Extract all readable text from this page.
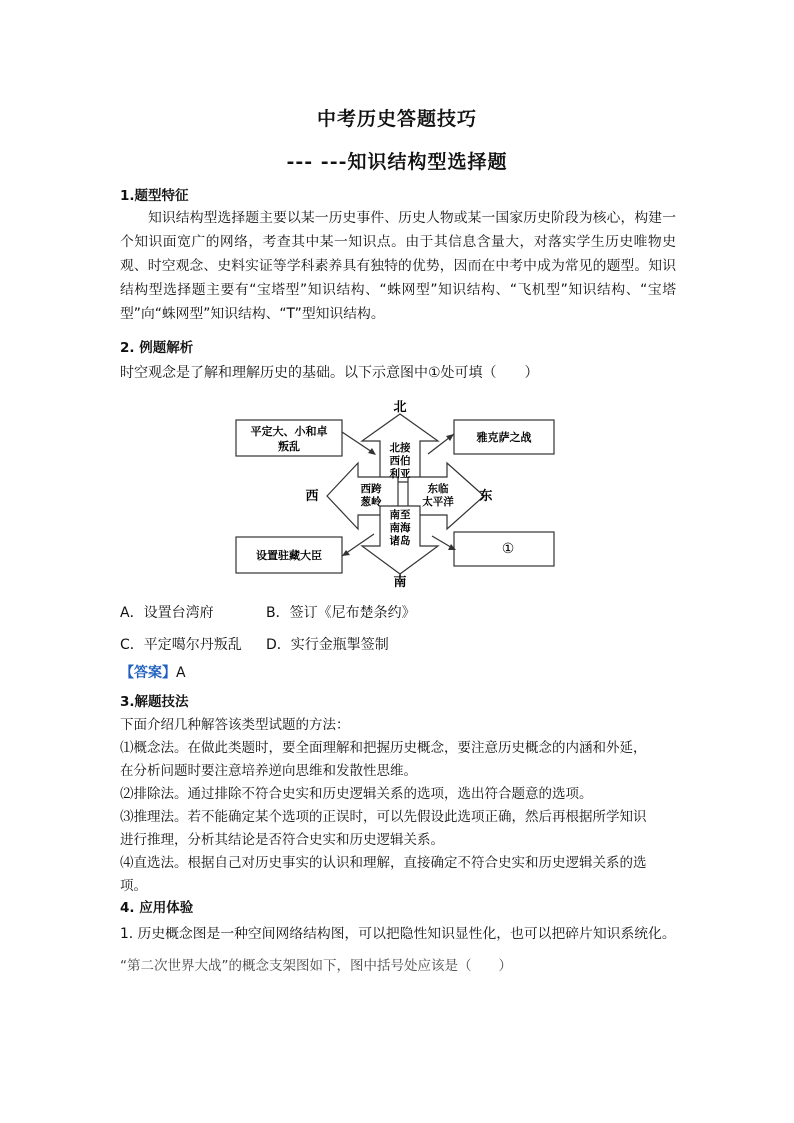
中考历史答题技巧
--- ---知识结构型选择题
1.题型特征
知识结构型选择题主要以某一历史事件、历史人物或某一国家历史阶段为核心，构建一个知识面宽广的网络，考查其中某一知识点。由于其信息含量大，对落实学生历史唯物史观、时空观念、史料实证等学科素养具有独特的优势，因而在中考中成为常见的题型。知识结构型选择题主要有“宝塔型”知识结构、“蛛网型”知识结构、“飞机型”知识结构、“宝塔型”向“蛛网型”知识结构、“T”型知识结构。
2. 例题解析
时空观念是了解和理解历史的基础。以下示意图中①处可填（　　）
北
南
西	东
平定大、小和卓
叛乱
雅克萨之战
设置驻藏大臣	①
北接
西伯
利亚
西跨
葱岭
东临
太平洋
南至
南海
诸岛
A．设置台湾府	B．签订《尼布楚条约》
C．平定噶尔丹叛乱 D．实行金瓶掣签制
【答案】A
3.解题技法
下面介绍几种解答该类型试题的方法：
⑴概念法。在做此类题时，要全面理解和把握历史概念，要注意历史概念的内涵和外延，
在分析问题时要注意培养逆向思维和发散性思维。
⑵排除法。通过排除不符合史实和历史逻辑关系的选项，选出符合题意的选项。
⑶推理法。若不能确定某个选项的正误时，可以先假设此选项正确，然后再根据所学知识
进行推理，分析其结论是否符合史实和历史逻辑关系。
⑷直选法。根据自己对历史事实的认识和理解，直接确定不符合史实和历史逻辑关系的选
项。
4. 应用体验
1. 历史概念图是一种空间网络结构图，可以把隐性知识显性化，也可以把碎片知识系统化。
“第二次世界大战”的概念支架图如下，图中括号处应该是（　　）
